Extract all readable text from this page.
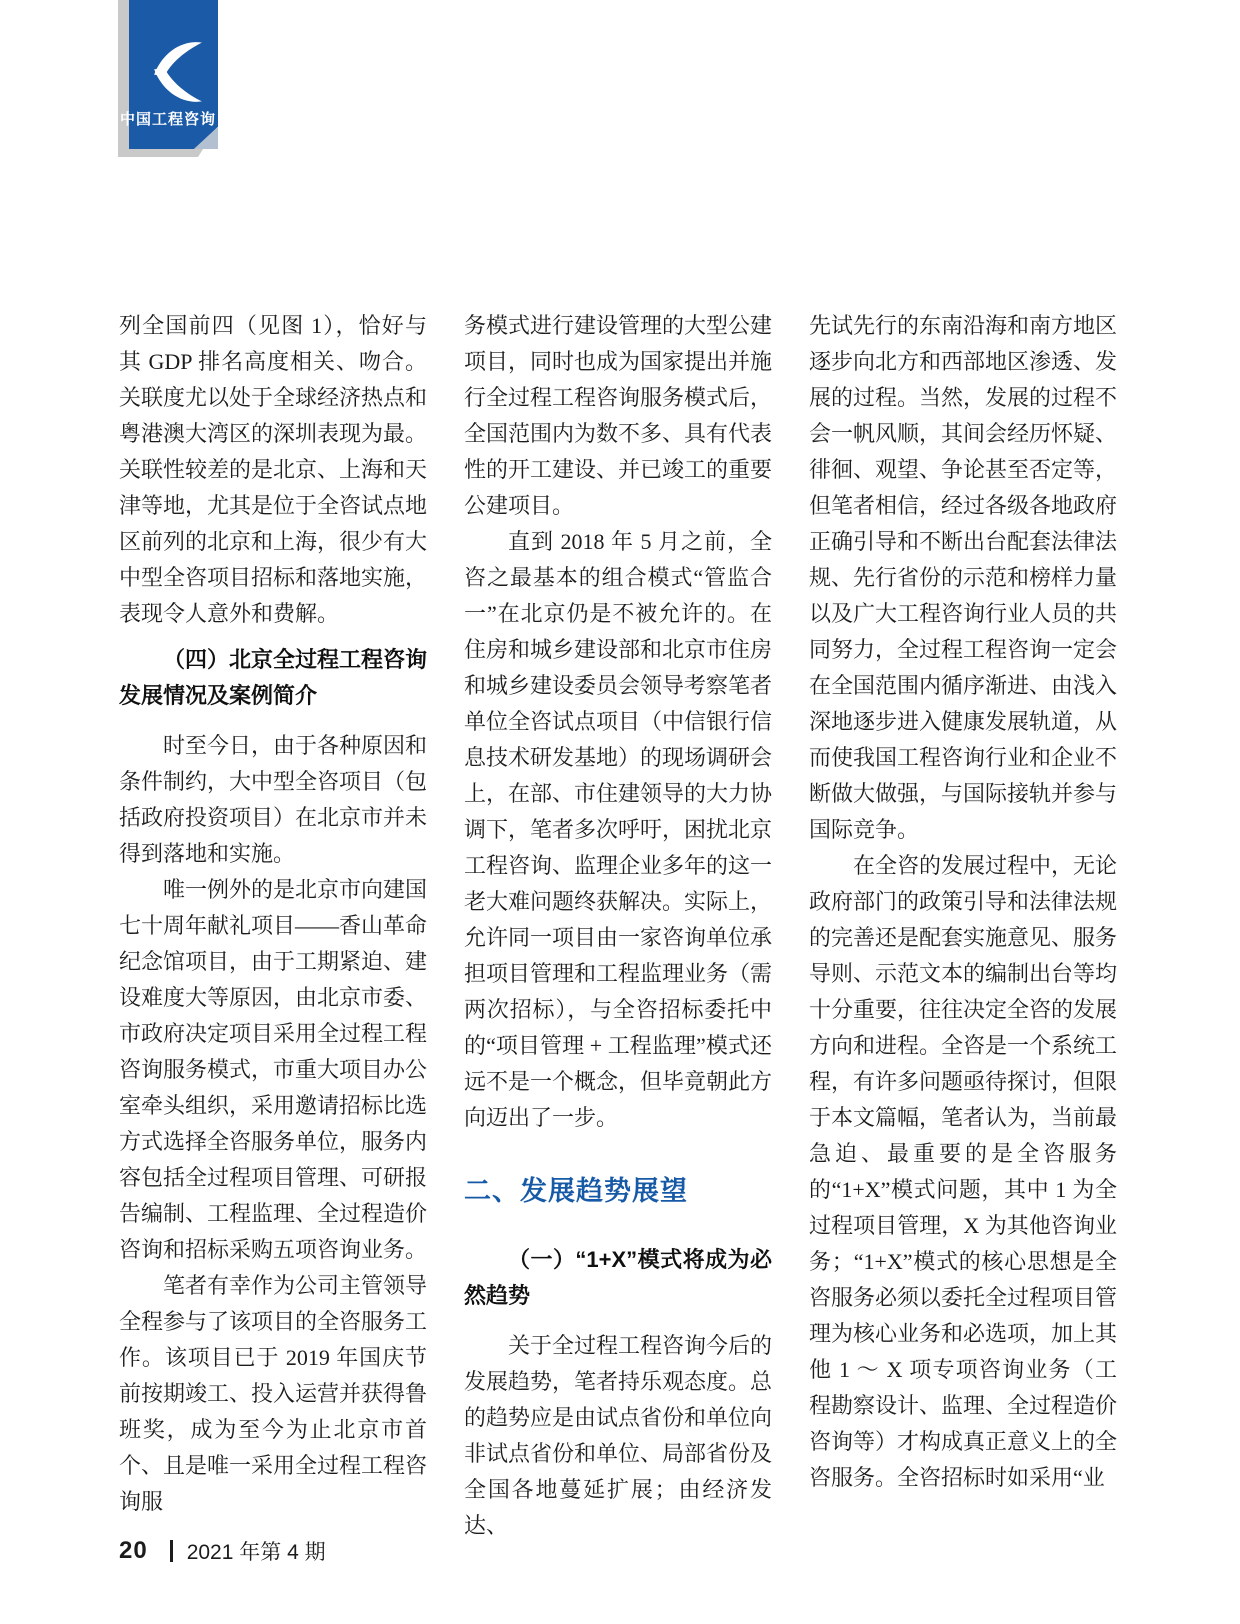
中国工程咨询

列全国前四（见图 1），恰好与其 GDP 排名高度相关、吻合。关联度尤以处于全球经济热点和粤港澳大湾区的深圳表现为最。关联性较差的是北京、上海和天津等地，尤其是位于全咨试点地区前列的北京和上海，很少有大中型全咨项目招标和落地实施，表现令人意外和费解。

（四）北京全过程工程咨询发展情况及案例简介

时至今日，由于各种原因和条件制约，大中型全咨项目（包括政府投资项目）在北京市并未得到落地和实施。

唯一例外的是北京市向建国七十周年献礼项目——香山革命纪念馆项目，由于工期紧迫、建设难度大等原因，由北京市委、市政府决定项目采用全过程工程咨询服务模式，市重大项目办公室牵头组织，采用邀请招标比选方式选择全咨服务单位，服务内容包括全过程项目管理、可研报告编制、工程监理、全过程造价咨询和招标采购五项咨询业务。

笔者有幸作为公司主管领导全程参与了该项目的全咨服务工作。该项目已于 2019 年国庆节前按期竣工、投入运营并获得鲁班奖，成为至今为止北京市首个、且是唯一采用全过程工程咨询服

务模式进行建设管理的大型公建项目，同时也成为国家提出并施行全过程工程咨询服务模式后，全国范围内为数不多、具有代表性的开工建设、并已竣工的重要公建项目。

直到 2018 年 5 月之前，全咨之最基本的组合模式“管监合一”在北京仍是不被允许的。在住房和城乡建设部和北京市住房和城乡建设委员会领导考察笔者单位全咨试点项目（中信银行信息技术研发基地）的现场调研会上，在部、市住建领导的大力协调下，笔者多次呼吁，困扰北京工程咨询、监理企业多年的这一老大难问题终获解决。实际上，允许同一项目由一家咨询单位承担项目管理和工程监理业务（需两次招标），与全咨招标委托中的“项目管理 + 工程监理”模式还远不是一个概念，但毕竟朝此方向迈出了一步。

二、发展趋势展望
（一）“1+X”模式将成为必然趋势

关于全过程工程咨询今后的发展趋势，笔者持乐观态度。总的趋势应是由试点省份和单位向非试点省份和单位、局部省份及全国各地蔓延扩展；由经济发达、

先试先行的东南沿海和南方地区逐步向北方和西部地区渗透、发展的过程。当然，发展的过程不会一帆风顺，其间会经历怀疑、徘徊、观望、争论甚至否定等，但笔者相信，经过各级各地政府正确引导和不断出台配套法律法规、先行省份的示范和榜样力量以及广大工程咨询行业人员的共同努力，全过程工程咨询一定会在全国范围内循序渐进、由浅入深地逐步进入健康发展轨道，从而使我国工程咨询行业和企业不断做大做强，与国际接轨并参与国际竞争。

在全咨的发展过程中，无论政府部门的政策引导和法律法规的完善还是配套实施意见、服务导则、示范文本的编制出台等均十分重要，往往决定全咨的发展方向和进程。全咨是一个系统工程，有许多问题亟待探讨，但限于本文篇幅，笔者认为，当前最急迫、最重要的是全咨服务的“1+X”模式问题，其中 1 为全过程项目管理，X 为其他咨询业务；“1+X”模式的核心思想是全咨服务必须以委托全过程项目管理为核心业务和必选项，加上其他 1 ～ X 项专项咨询业务（工程勘察设计、监理、全过程造价咨询等）才构成真正意义上的全咨服务。全咨招标时如采用“业

20 2021 年第 4 期
